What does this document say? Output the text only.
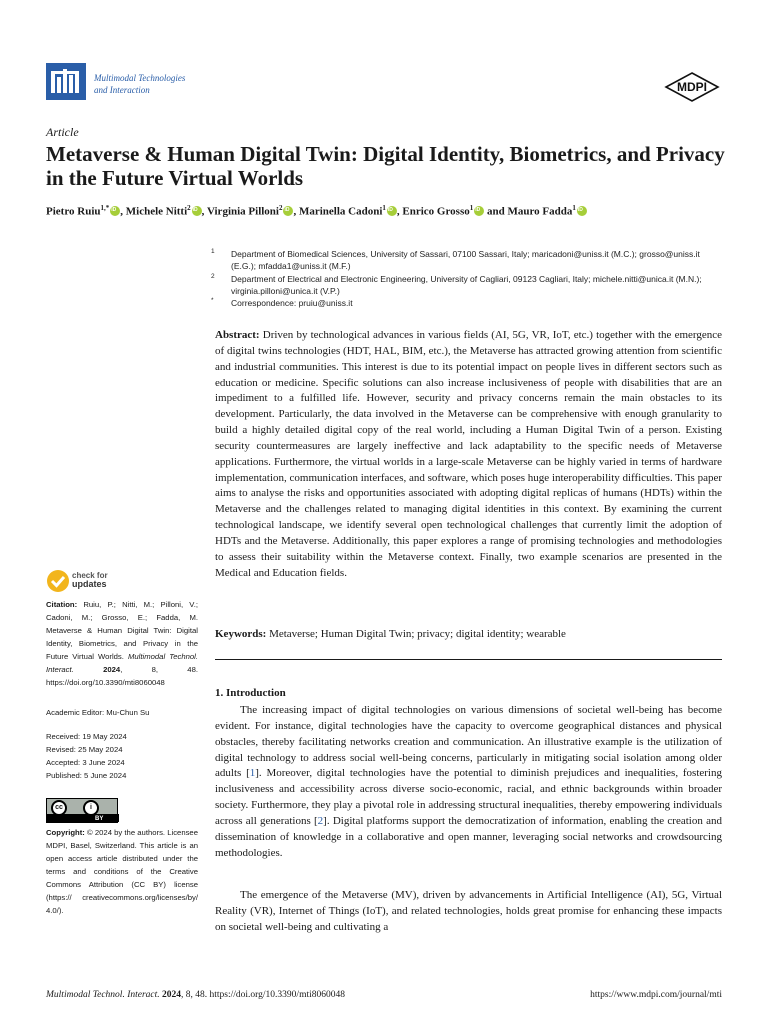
Multimodal Technologies
and Interaction	MDPI
Article
Metaverse & Human Digital Twin: Digital Identity, Biometrics, and Privacy in the Future Virtual Worlds
Pietro Ruiu$^{1,*}$ iD , Michele Nitti$^2$ iD , Virginia Pilloni$^2$ iD , Marinella Cadoni$^1$ iD , Enrico Grosso$^1$iD and Mauro Fadda$^1$iD
1 Department of Biomedical Sciences, University of Sassari, 07100 Sassari, Italy; maricadoni@uniss.it (M.C.); grosso@uniss.it (E.G.); mfadda1@uniss.it (M.F.)
2 Department of Electrical and Electronic Engineering, University of Cagliari, 09123 Cagliari, Italy; michele.nitti@unica.it (M.N.); virginia.pilloni@unica.it (V.P.)
* Correspondence: pruiu@uniss.it
Abstract: Driven by technological advances in various fields (AI, 5G, VR, IoT, etc.) together with the emergence of digital twins technologies (HDT, HAL, BIM, etc.), the Metaverse has attracted growing attention from scientific and industrial communities. This interest is due to its potential impact on people lives in different sectors such as education or medicine. Specific solutions can also increase inclusiveness of people with disabilities that are an impediment to a fulfilled life. However, security and privacy concerns remain the main obstacles to its development. Particularly, the data involved in the Metaverse can be comprehensive with enough granularity to build a highly detailed digital copy of the real world, including a Human Digital Twin of a person. Existing security countermeasures are largely ineffective and lack adaptability to the specific needs of Metaverse applications. Furthermore, the virtual worlds in a large-scale Metaverse can be highly varied in terms of hardware implementation, communication interfaces, and software, which poses huge interoperability difficulties. This paper aims to analyse the risks and opportunities associated with adopting digital replicas of humans (HDTs) within the Metaverse and the challenges related to managing digital identities in this context. By examining the current technological landscape, we identify several open technological challenges that currently limit the adoption of HDTs and the Metaverse. Additionally, this paper explores a range of promising technologies and methodologies to assess their suitability within the Metaverse context. Finally, two example scenarios are presented in the Medical and Education fields.
Keywords: Metaverse; Human Digital Twin; privacy; digital identity; wearable
1. Introduction
The increasing impact of digital technologies on various dimensions of societal well-being has become evident. For instance, digital technologies have the capacity to overcome geographical distances and physical obstacles, thereby facilitating networks creation and communication. An illustrative example is the utilization of digital technology to address social well-being concerns, particularly in mitigating social isolation among older adults [1]. Moreover, digital technologies have the potential to diminish prejudices and inequalities, fostering inclusiveness and accessibility across diverse socio-economic, racial, and ethnic backgrounds within broader society. Furthermore, they play a pivotal role in addressing structural inequalities, thereby empowering individuals across all generations [2]. Digital platforms support the democratization of information, enabling the creation and dissemination of knowledge in a collaborative and open manner, leveraging social networks and crowdsourcing methodologies.
The emergence of the Metaverse (MV), driven by advancements in Artificial Intelligence (AI), 5G, Virtual Reality (VR), Internet of Things (IoT), and related technologies, holds great promise for enhancing these impacts on societal well-being and cultivating a
check for
updates
Citation: Ruiu, P.; Nitti, M.; Pilloni, V.; Cadoni, M.; Grosso, E.; Fadda, M. Metaverse & Human Digital Twin: Digital Identity, Biometrics, and Privacy in the Future Virtual Worlds. Multimodal Technol. Interact.	2024, 8, 48. https://doi.org/10.3390/mti8060048
Academic Editor: Mu-Chun Su
Received: 19 May 2024
Revised: 25 May 2024
Accepted: 3 June 2024
Published: 5 June 2024
cc	i
BY
Copyright: © 2024 by the authors. Licensee MDPI, Basel, Switzerland. This article is an open access article distributed under the terms and conditions of the Creative Commons Attribution (CC BY) license (https:// creativecommons.org/licenses/by/ 4.0/).
Multimodal Technol. Interact. 2024, 8, 48. https://doi.org/10.3390/mti8060048	https://www.mdpi.com/journal/mti
